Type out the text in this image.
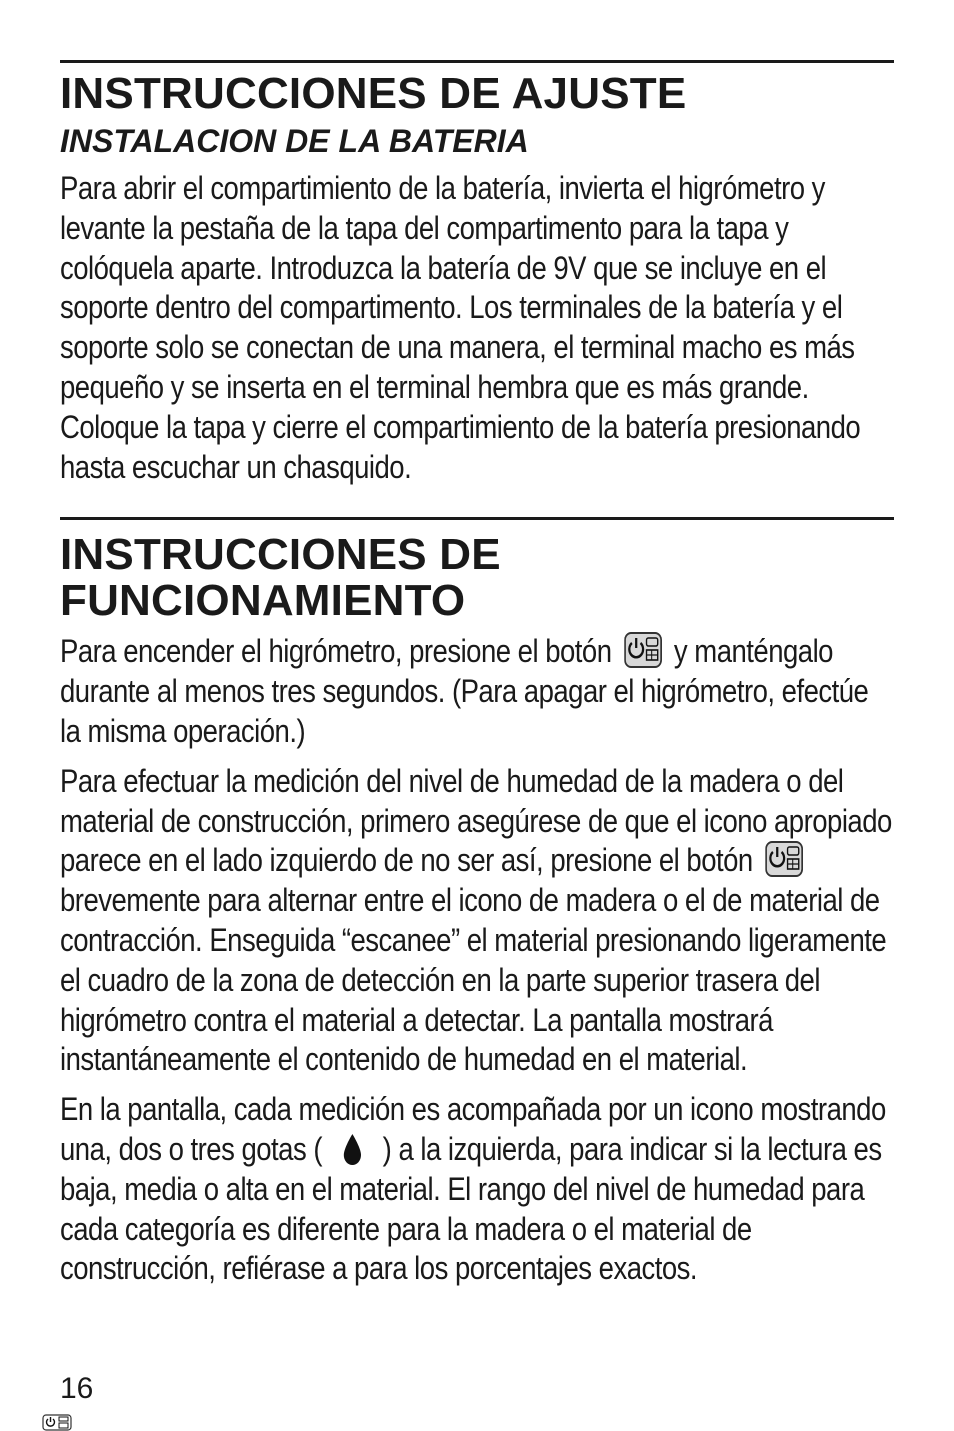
INSTRUCCIONES DE AJUSTE
INSTALACION DE LA BATERIA

Para abrir el compartimiento de la batería, invierta el higrómetro y levante la pestaña de la tapa del compartimento para la tapa y colóquela aparte. Introduzca la batería de 9V que se incluye en el soporte dentro del compartimento. Los terminales de la batería y el soporte solo se conectan de una manera, el terminal macho es más pequeño y se inserta en el terminal hembra que es más grande. Coloque la tapa y cierre el compartimiento de la batería presionando hasta escuchar un chasquido.

INSTRUCCIONES DE
FUNCIONAMIENTO

Para encender el higrómetro, presione el botón y manténgalo durante al menos tres segundos. (Para apagar el higrómetro, efectúe la misma operación.)

Para efectuar la medición del nivel de humedad de la madera o del material de construcción, primero asegúrese de que el icono apropiado parece en el lado izquierdo de no ser así, presione el botón  brevemente para alternar entre el icono de madera o el de material de contracción. Enseguida “escanee” el material presionando ligeramente el cuadro de la zona de detección en la parte superior trasera del higrómetro contra el material a detectar. La pantalla mostrará instantáneamente el contenido de humedad en el material.

En la pantalla, cada medición es acompañada por un icono mostrando una, dos o tres gotas ( ) a la izquierda, para indicar si la lectura es baja, media o alta en el material. El rango del nivel de humedad para cada categoría es diferente para la madera o el material de construcción, refiérase a para los porcentajes exactos.

16
